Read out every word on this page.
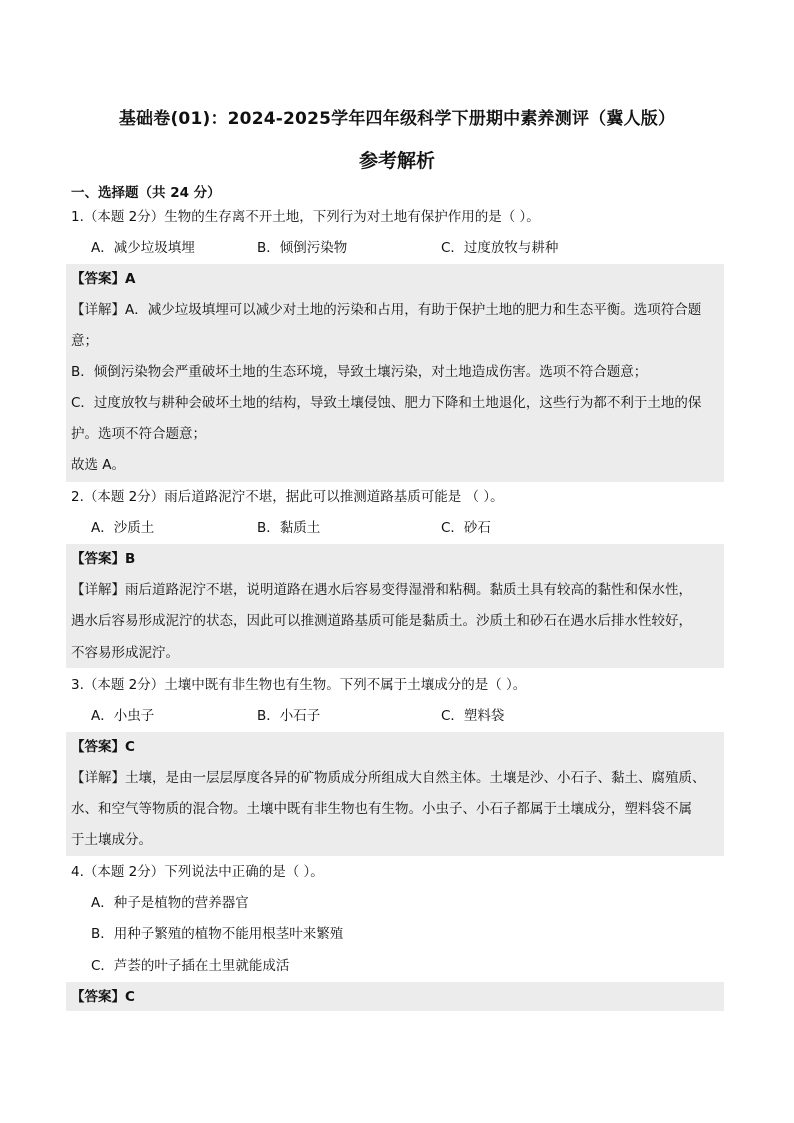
基础卷(01)：2024-2025学年四年级科学下册期中素养测评（冀人版）
参考解析
一、选择题（共 24 分）
1.（本题 2分）生物的生存离不开土地，下列行为对土地有保护作用的是（ ）。
A．减少垃圾填埋	B．倾倒污染物	C．过度放牧与耕种
【答案】A
【详解】A．减少垃圾填埋可以减少对土地的污染和占用，有助于保护土地的肥力和生态平衡。选项符合题
意；
B．倾倒污染物会严重破坏土地的生态环境，导致土壤污染，对土地造成伤害。选项不符合题意；
C．过度放牧与耕种会破坏土地的结构，导致土壤侵蚀、肥力下降和土地退化，这些行为都不利于土地的保
护。选项不符合题意；
故选 A。
2.（本题 2分）雨后道路泥泞不堪，据此可以推测道路基质可能是 （ ）。
A．沙质土	B．黏质土	C．砂石
【答案】B
【详解】雨后道路泥泞不堪，说明道路在遇水后容易变得湿滑和粘稠。黏质土具有较高的黏性和保水性，
遇水后容易形成泥泞的状态，因此可以推测道路基质可能是黏质土。沙质土和砂石在遇水后排水性较好，
不容易形成泥泞。
3.（本题 2分）土壤中既有非生物也有生物。下列不属于土壤成分的是（ ）。
A．小虫子	B．小石子	C．塑料袋
【答案】C
【详解】土壤，是由一层层厚度各异的矿物质成分所组成大自然主体。土壤是沙、小石子、黏土、腐殖质、
水、和空气等物质的混合物。土壤中既有非生物也有生物。小虫子、小石子都属于土壤成分，塑料袋不属
于土壤成分。
4.（本题 2分）下列说法中正确的是（ ）。
A．种子是植物的营养器官
B．用种子繁殖的植物不能用根茎叶来繁殖
C．芦荟的叶子插在土里就能成活
【答案】C
